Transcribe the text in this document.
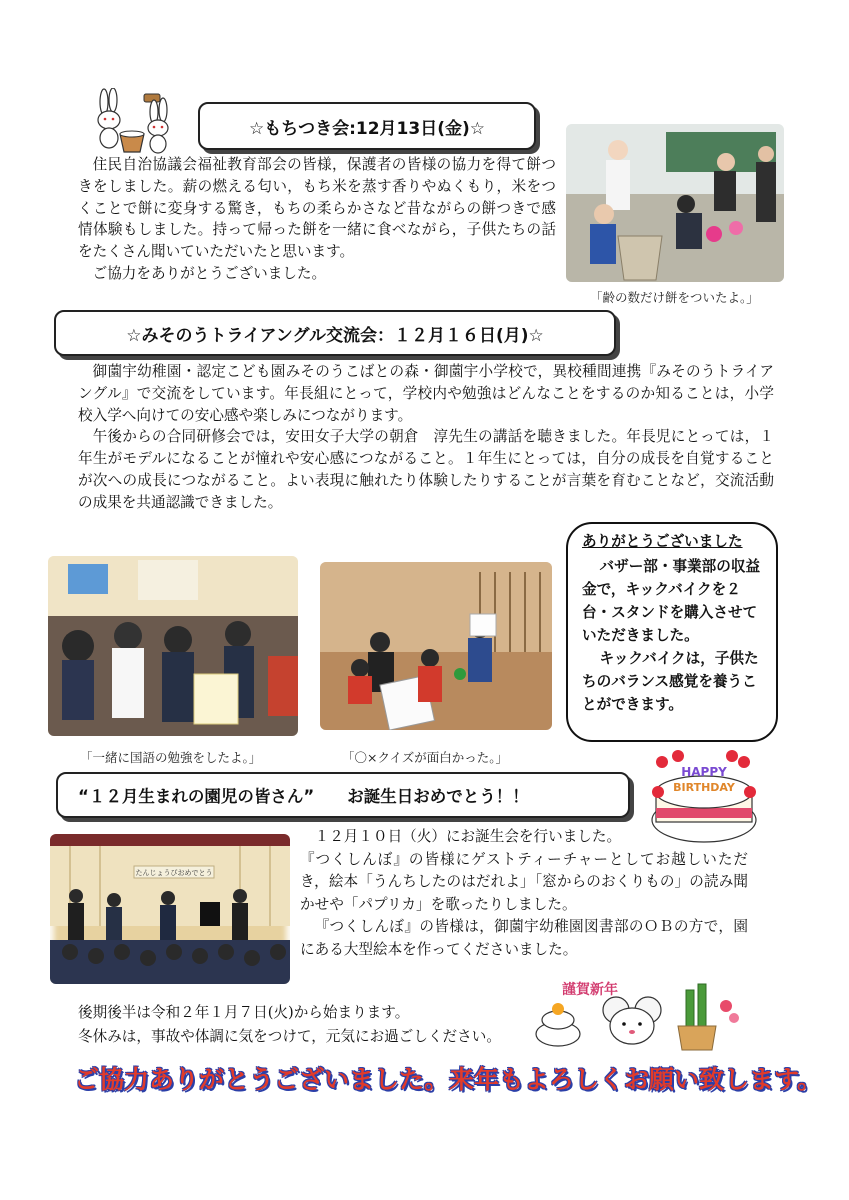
☆もちつき会:12月13日(金)☆

住民自治協議会福祉教育部会の皆様，保護者の皆様の協力を得て餅つきをしました。薪の燃える匂い，もち米を蒸す香りやぬくもり，米をつくことで餅に変身する驚き，もちの柔らかさなど昔ながらの餅つきで感情体験もしました。持って帰った餅を一緒に食べながら，子供たちの話をたくさん聞いていただいたと思います。

ご協力をありがとうございました。

「齢の数だけ餅をついたよ。」
☆みそのうトライアングル交流会：１２月１６日(月)☆

御薗宇幼稚園・認定こども園みそのうこばとの森・御薗宇小学校で，異校種間連携『みそのうトライアングル』で交流をしています。年長組にとって，学校内や勉強はどんなことをするのか知ることは，小学校入学へ向けての安心感や楽しみにつながります。

午後からの合同研修会では，安田女子大学の朝倉　淳先生の講話を聴きました。年長児にとっては，１年生がモデルになることが憧れや安心感につながること。１年生にとっては，自分の成長を自覚することが次への成長につながること。よい表現に触れたり体験したりすることが言葉を育むことなど，交流活動の成果を共通認識できました。

「一緒に国語の勉強をしたよ。」	「〇×クイズが面白かった。」
ありがとうございました
バザー部・事業部の収益金で，キックバイクを２台・スタンドを購入させていただきました。
キックバイクは，子供たちのバランス感覚を養うことができます。
“１２月生まれの園児の皆さん”　　お誕生日おめでとう！！
HAPPY
BIRTHDAY
たんじょうびおめでとう

１２月１０日（火）にお誕生会を行いました。

『つくしんぼ』の皆様にゲストティーチャーとしてお越しいただき，絵本「うんちしたのはだれよ」「窓からのおくりもの」の読み聞かせや「パプリカ」を歌ったりしました。

『つくしんぼ』の皆様は，御薗宇幼稚園図書部のＯＢの方で，園にある大型絵本を作ってくださいました。

後期後半は令和２年１月７日(火)から始まります。
冬休みは，事故や体調に気をつけて，元気にお過ごしください。
謹賀新年
ご協力ありがとうございました。来年もよろしくお願い致します。
